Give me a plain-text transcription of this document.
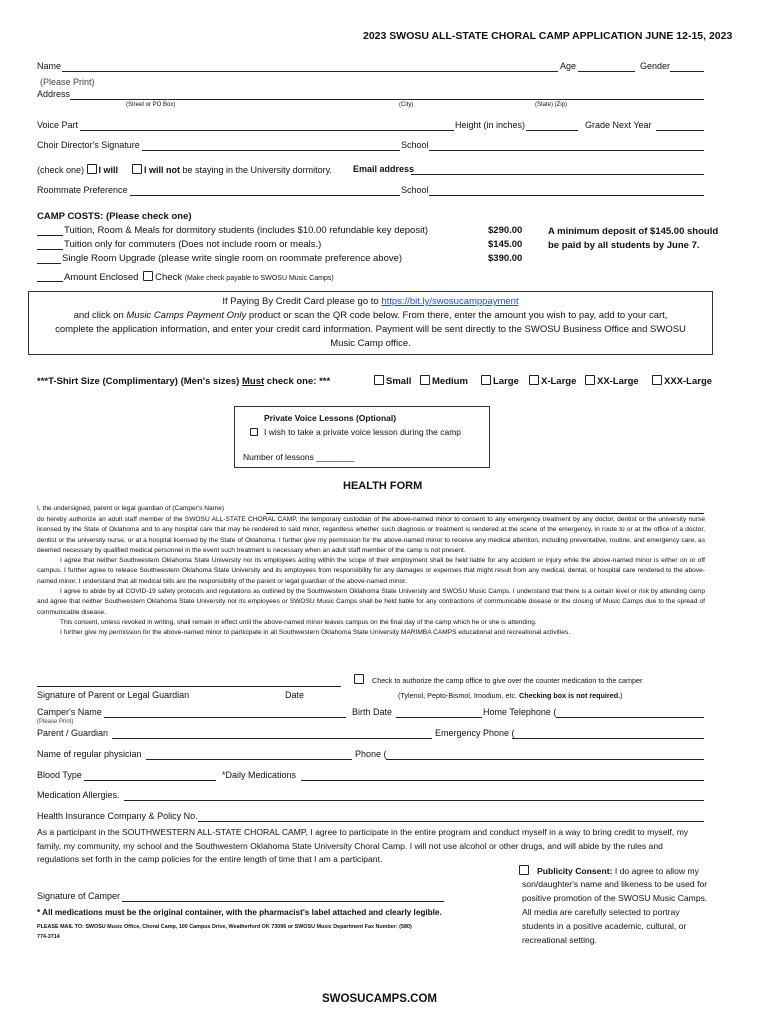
2023 SWOSU ALL-STATE CHORAL CAMP APPLICATION JUNE 12-15, 2023
Name	Age	Gender
(Please Print)
Address
(Street or PO Box)	(City)	(State) (Zip)
Voice Part	Height (in inches)	Grade Next Year
Choir Director's Signature	School
(check one) I will	I will not be staying in the University dormitory. Email address
Roommate Preference	School
CAMP COSTS: (Please check one)
Tuition, Room & Meals for dormitory students (includes $10.00 refundable key deposit)	$290.00
Tuition only for commuters (Does not include room or meals.)	$145.00
Single Room Upgrade (please write single room on roommate preference above)	$390.00
A minimum deposit of $145.00 should
be paid by all students by June 7.
Amount Enclosed Check (Make check payable to SWOSU Music Camps)
If Paying By Credit Card please go to https://bit.ly/swosucamppayment
and click on Music Camps Payment Only product or scan the QR code below. From there, enter the amount you wish to pay, add to your cart,
complete the application information, and enter your credit card information. Payment will be sent directly to the SWOSU Business Office and SWOSU
Music Camp office.
***T-Shirt Size (Complimentary) (Men's sizes) Must check one: ***	Small	Medium	Large	X-Large	XX-Large	XXX-Large
Private Voice Lessons (Optional)
I wish to take a private voice lesson during the camp
Number of lessons ________
HEALTH FORM
I, the undersigned, parent or legal guardian of (Camper's Name)

do hereby authorize an adult staff member of the SWOSU ALL-STATE CHORAL CAMP, the temporary custodian of the above-named minor to consent to any emergency treatment by any doctor, dentist or the university nurse licensed by the State of Oklahoma and to any hospital care that may be rendered to said minor, regardless whether such diagnosis or treatment is rendered at the scene of the emergency, in route to or at the office of a doctor, dentist or the university nurse, or at a hospital licensed by the State of Oklahoma. I further give my permission for the above-named minor to receive any medical attention, including preventative, routine, and emergency care, as deemed necessary by qualified medical personnel in the event such treatment is necessary when an adult staff member of the camp is not present.

I agree that neither Southwestern Oklahoma State University nor its employees acting within the scope of their employment shall be held liable for any accident or injury while the above-named minor is either on or off campus. I further agree to release Southwestern Oklahoma State University and its employees from responsibility for any damages or expenses that might result from any medical, dental, or hospital care rendered to the above-named minor. I understand that all medical bills are the responsibility of the parent or legal guardian of the above-named minor.

I agree to abide by all COVID-19 safety protocols and regulations as outlined by the Southwestern Oklahoma State University and SWOSU Music Camps. I understand that there is a certain level or risk by attending camp and agree that neither Southwestern Oklahoma State University nor its employees or SWOSU Music Camps shall be held liable for any contractions of communicable disease or the closing of Music Camps due to the spread of communicable disease.

This consent, unless revoked in writing, shall remain in effect until the above-named minor leaves campus on the final day of the camp which he or she is attending.

I further give my permission for the above-named minor to participate in all Southwestern Oklahoma State University MARIMBA CAMPS educational and recreational activities.

Signature of Parent or Legal Guardian	Date
Check to authorize the camp office to give over the counter medication to the camper
(Tylenol, Pepto-Bismol, Imodium, etc. Checking box is not required.)
Camper's Name	Birth Date	Home Telephone (
(Please Print)
Parent / Guardian	Emergency Phone (
Name of regular physician	Phone (
Blood Type	*Daily Medications
Medication Allergies.
Health Insurance Company & Policy No.
As a participant in the SOUTHWESTERN ALL-STATE CHORAL CAMP, I agree to participate in the entire program and conduct myself in a way to bring credit to myself, my family, my community, my school and the Southwestern Oklahoma State University Choral Camp. I will not use alcohol or other drugs, and will abide by the rules and regulations set forth in the camp policies for the entire length of time that I am a participant.
Publicity Consent: I do agree to allow my
son/daughter's name and likeness to be used for
positive promotion of the SWOSU Music Camps.
All media are carefully selected to portray
students in a positive academic, cultural, or
recreational setting.
Signature of Camper
* All medications must be the original container, with the pharmacist's label attached and clearly legible.
PLEASE MAIL TO: SWOSU Music Office, Choral Camp, 100 Campus Drive, Weatherford OK 73096 or SWOSU Music Department Fax Number: (580)
774-3714
SWOSUCAMPS.COM
